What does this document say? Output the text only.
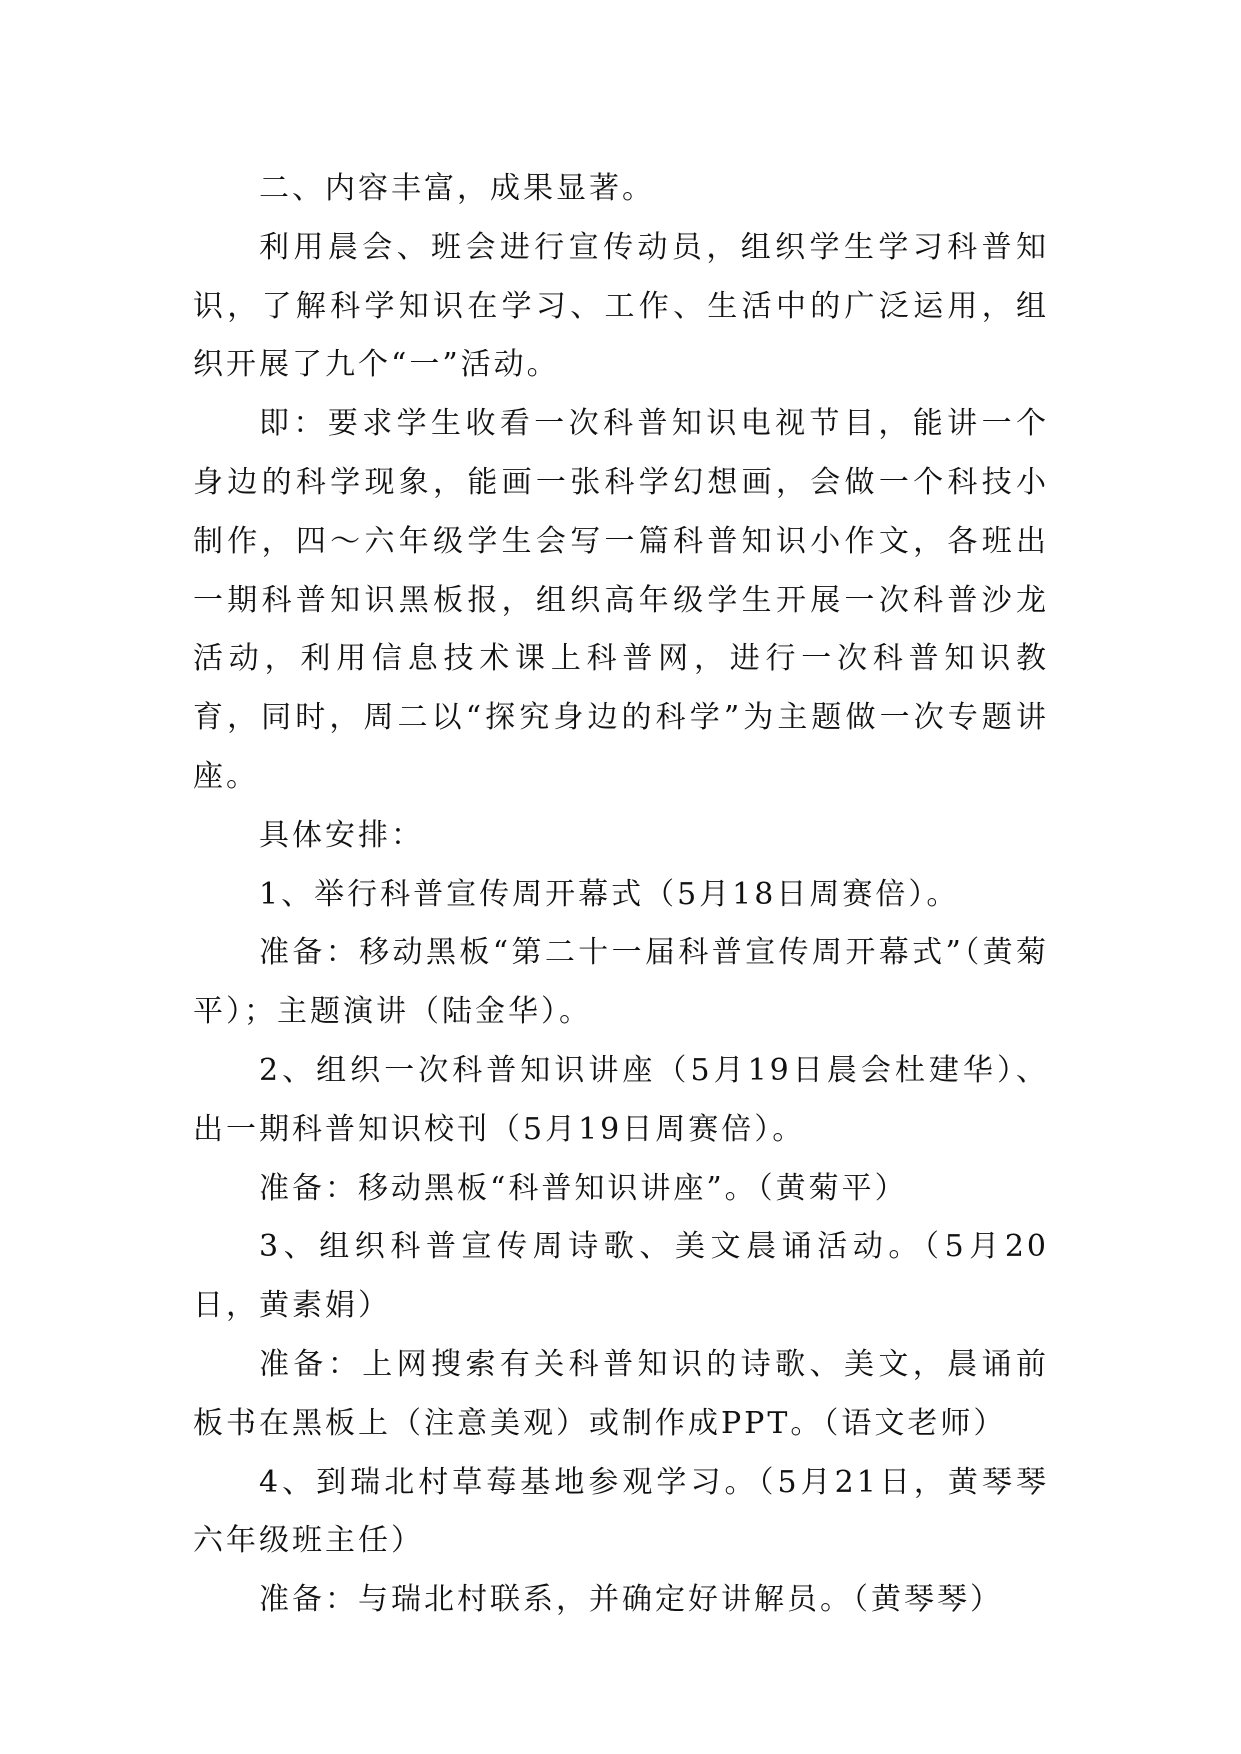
二、内容丰富，成果显著。

利用晨会、班会进行宣传动员，组织学生学习科普知识，了解科学知识在学习、工作、生活中的广泛运用，组织开展了九个“一”活动。

即：要求学生收看一次科普知识电视节目，能讲一个身边的科学现象，能画一张科学幻想画，会做一个科技小制作，四～六年级学生会写一篇科普知识小作文，各班出一期科普知识黑板报，组织高年级学生开展一次科普沙龙活动，利用信息技术课上科普网，进行一次科普知识教育，同时，周二以“探究身边的科学”为主题做一次专题讲座。

具体安排：

1、举行科普宣传周开幕式（5月18日周赛倍）。

准备：移动黑板“第二十一届科普宣传周开幕式”（黄菊平）；主题演讲（陆金华）。

2、组织一次科普知识讲座（5月19日晨会杜建华）、出一期科普知识校刊（5月19日周赛倍）。

准备：移动黑板“科普知识讲座”。（黄菊平）

3、组织科普宣传周诗歌、美文晨诵活动。（5月20日，黄素娟）

准备：上网搜索有关科普知识的诗歌、美文，晨诵前板书在黑板上（注意美观）或制作成PPT。（语文老师）

4、到瑞北村草莓基地参观学习。（5月21日，黄琴琴六年级班主任）

准备：与瑞北村联系，并确定好讲解员。（黄琴琴）
